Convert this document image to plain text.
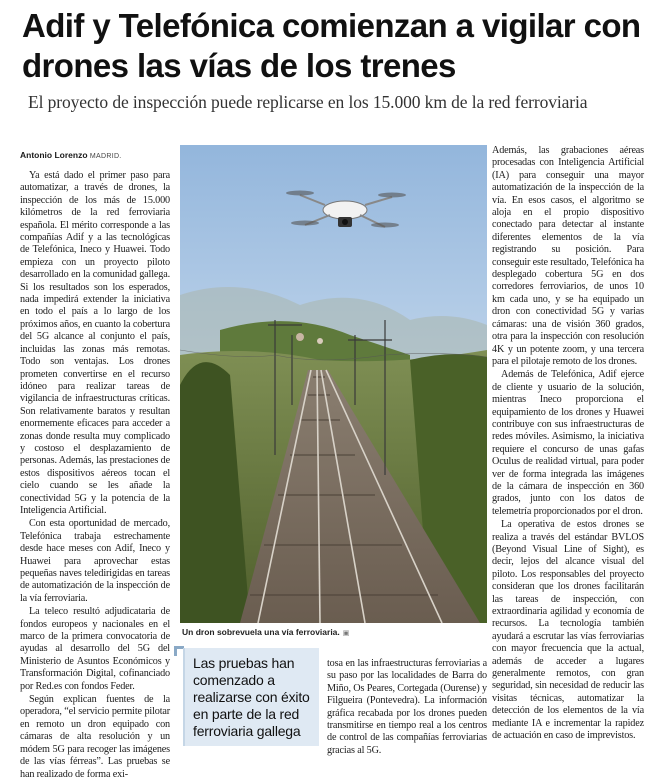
Adif y Telefónica comienzan a vigilar con drones las vías de los trenes
El proyecto de inspección puede replicarse en los 15.000 km de la red ferroviaria
Antonio Lorenzo MADRID.

Ya está dado el primer paso para automatizar, a través de drones, la inspección de los más de 15.000 kilómetros de la red ferroviaria española. El mérito corresponde a las compañías Adif y a las tecnológicas de Telefónica, Ineco y Huawei. Todo empieza con un proyecto piloto desarrollado en la comunidad gallega. Si los resultados son los esperados, nada impedirá extender la iniciativa en todo el país a lo largo de los próximos años, en cuanto la cobertura del 5G alcance al conjunto el país, incluidas las zonas más remotas. Todo son ventajas. Los drones prometen convertirse en el recurso idóneo para realizar tareas de vigilancia de infraestructuras críticas. Son relativamente baratos y resultan enormemente eficaces para acceder a zonas donde resulta muy complicado y costoso el desplazamiento de personas. Además, las prestaciones de estos dispositivos aéreos tocan el cielo cuando se les añade la conectividad 5G y la potencia de la Inteligencia Artificial.

Con esta oportunidad de mercado, Telefónica trabaja estrechamente desde hace meses con Adif, Ineco y Huawei para aprovechar estas pequeñas naves teledirigidas en tareas de automatización de la inspección de la vía ferroviaria.

La teleco resultó adjudicataria de fondos europeos y nacionales en el marco de la primera convocatoria de ayudas al desarrollo del 5G del Ministerio de Asuntos Económicos y Transformación Digital, cofinanciado por Red.es con fondos Feder.

Según explican fuentes de la operadora, “el servicio permite pilotar en remoto un dron equipado con cámaras de alta resolución y un módem 5G para recoger las imágenes de las vías férreas”. Las pruebas se han realizado de forma exi-

Un dron sobrevuela una vía ferroviaria. ▣
Las pruebas han comenzado a realizarse con éxito en parte de la red ferroviaria gallega

tosa en las infraestructuras ferroviarias a su paso por las localidades de Barra do Miño, Os Peares, Cortegada (Ourense) y Filgueira (Pontevedra). La información gráfica recabada por los drones pueden transmitirse en tiempo real a los centros de control de las compañías ferroviarias gracias al 5G.

Además, las grabaciones aéreas procesadas con Inteligencia Artificial (IA) para conseguir una mayor automatización de la inspección de la vía. En esos casos, el algoritmo se aloja en el propio dispositivo conectado para detectar al instante diferentes elementos de la vía registrando su posición. Para conseguir este resultado, Telefónica ha desplegado cobertura 5G en dos corredores ferroviarios, de unos 10 km cada uno, y se ha equipado un dron con conectividad 5G y varias cámaras: una de visión 360 grados, otra para la inspección con resolución 4K y un potente zoom, y una tercera para el pilotaje remoto de los drones.

Además de Telefónica, Adif ejerce de cliente y usuario de la solución, mientras Ineco proporciona el equipamiento de los drones y Huawei contribuye con sus infraestructuras de redes móviles. Asimismo, la iniciativa requiere el concurso de unas gafas Oculus de realidad virtual, para poder ver de forma integrada las imágenes de la cámara de inspección en 360 grados, junto con los datos de telemetría proporcionados por el dron.

La operativa de estos drones se realiza a través del estándar BVLOS (Beyond Visual Line of Sight), es decir, lejos del alcance visual del piloto. Los responsables del proyecto consideran que los drones facilitarán las tareas de inspección, con extraordinaria agilidad y economía de recursos. La tecnología también ayudará a escrutar las vías ferroviarias con mayor frecuencia que la actual, además de acceder a lugares generalmente remotos, con gran seguridad, sin necesidad de reducir las visitas técnicas, automatizar la detección de los elementos de la vía mediante IA e incrementar la rapidez de actuación en caso de imprevistos.
